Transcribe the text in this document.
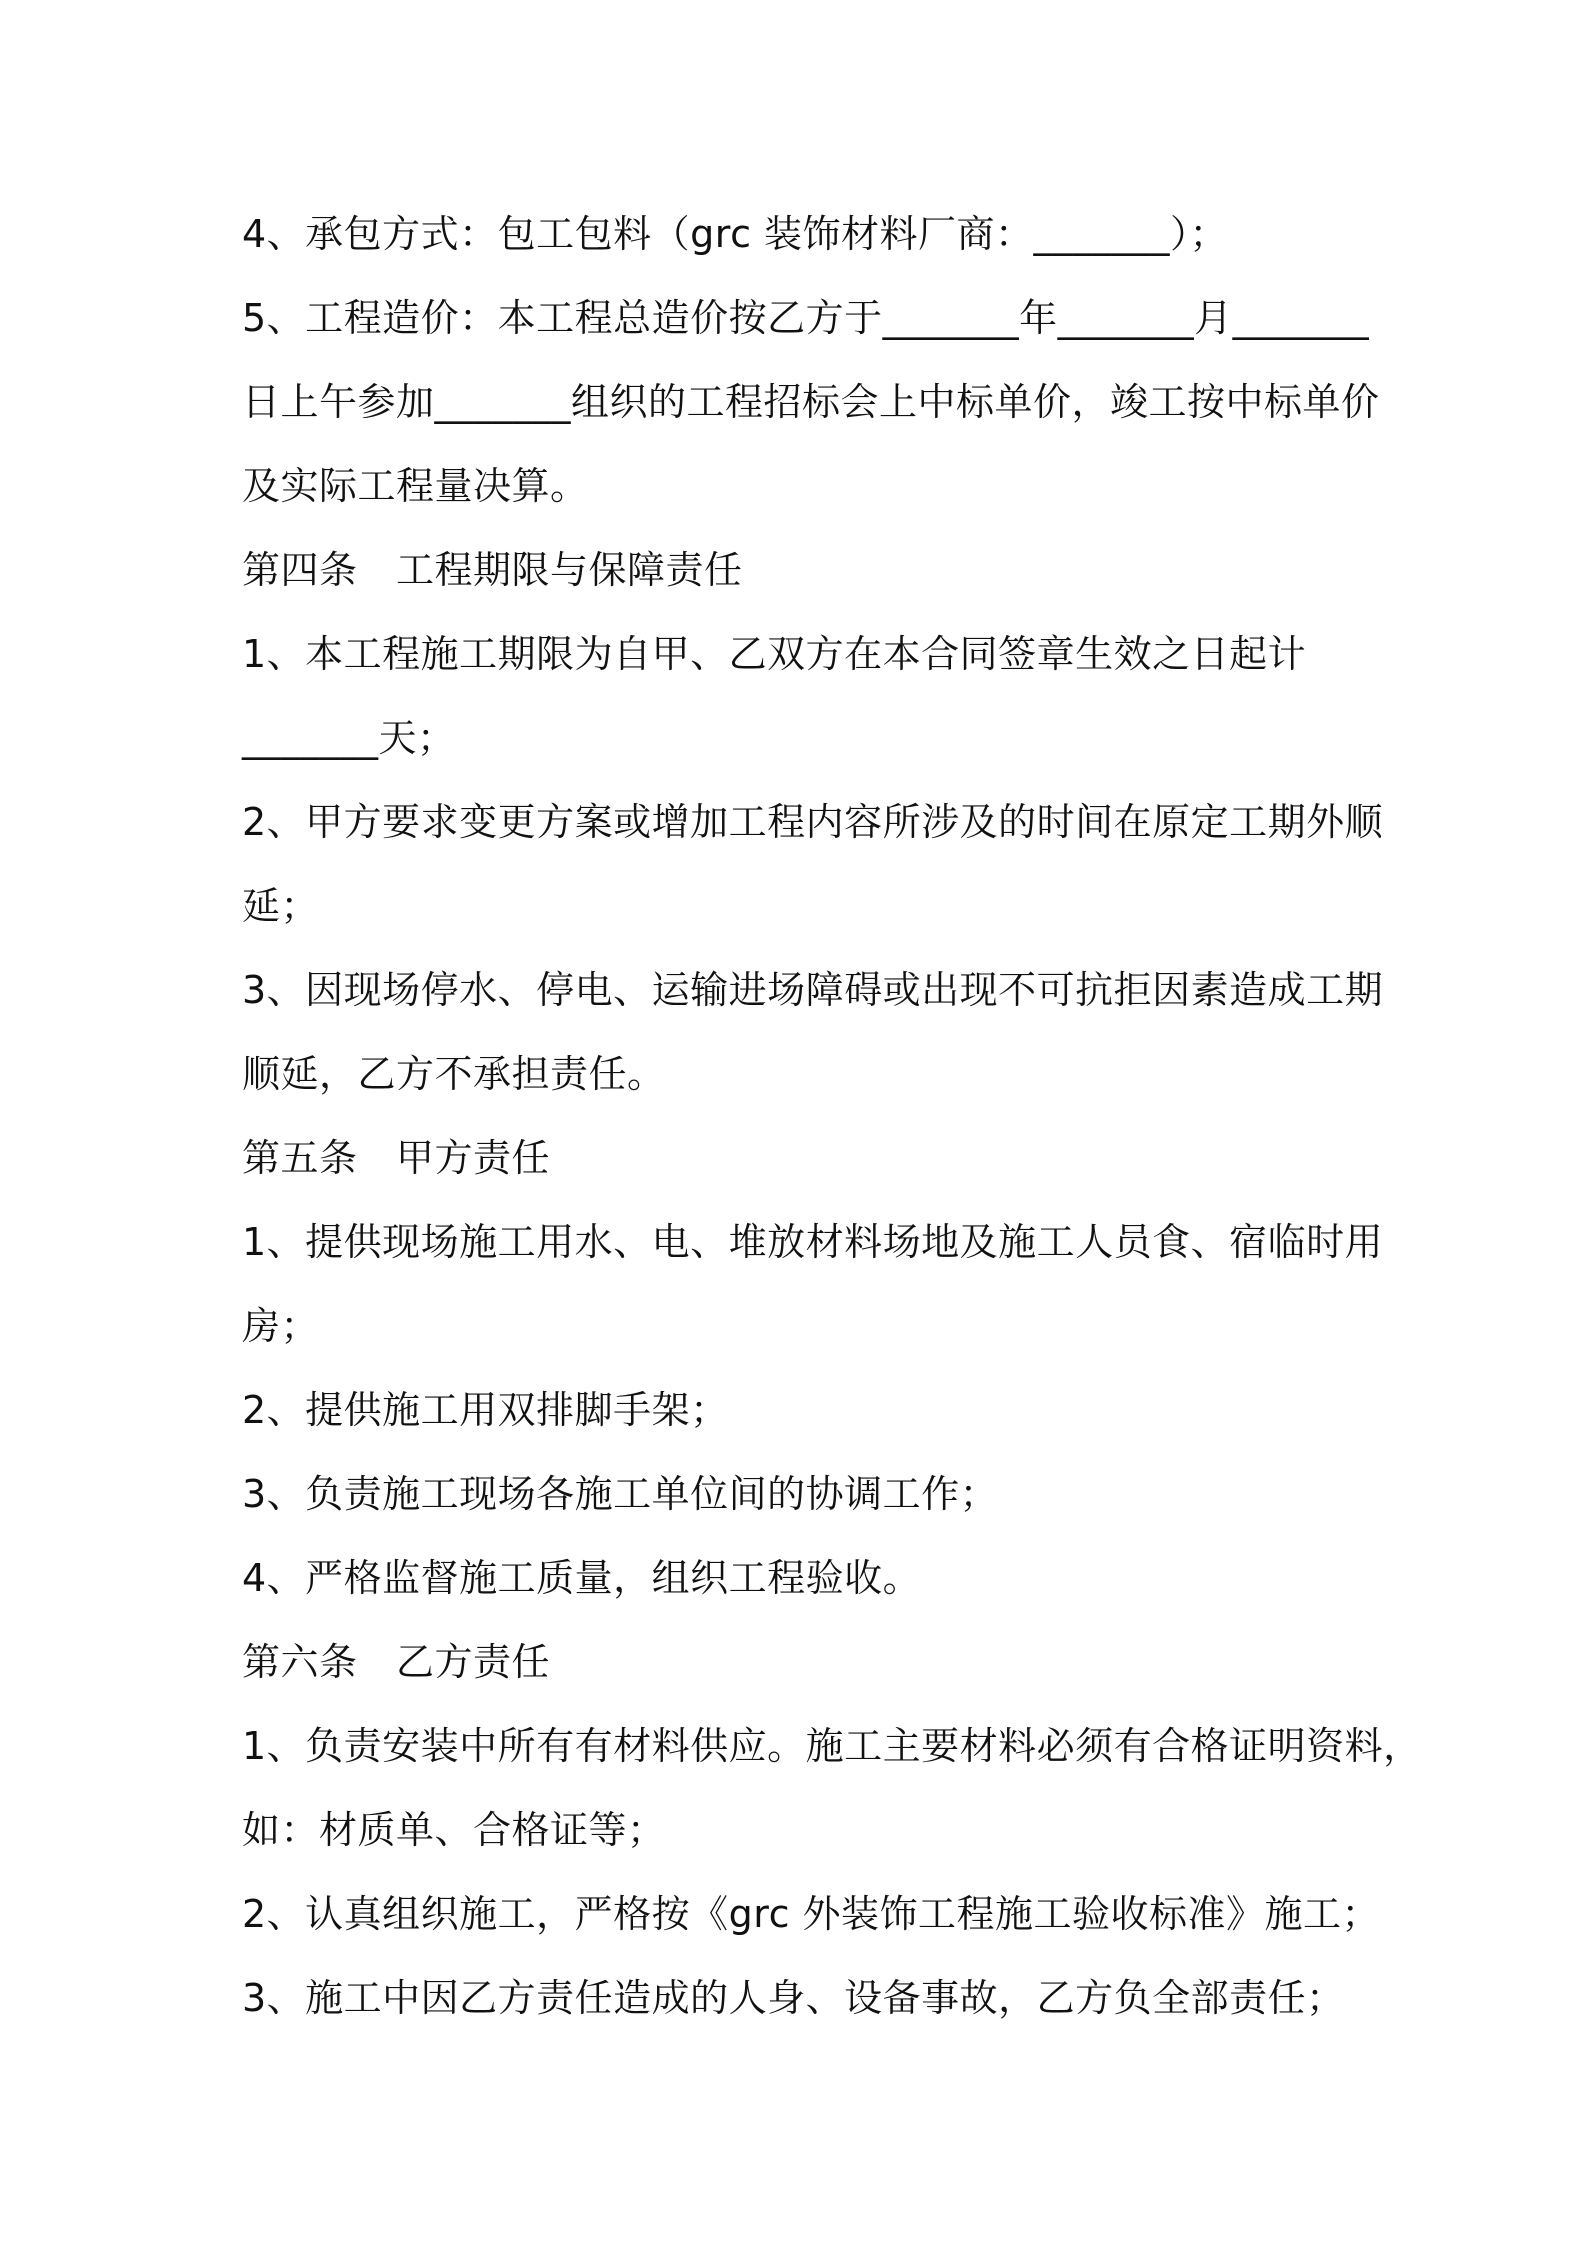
4、承包方式：包工包料（grc 装饰材料厂商：_______）；
5、工程造价：本工程总造价按乙方于_______年_______月_______
日上午参加_______组织的工程招标会上中标单价，竣工按中标单价
及实际工程量决算。
第四条　工程期限与保障责任
1、本工程施工期限为自甲、乙双方在本合同签章生效之日起计
_______天；
2、甲方要求变更方案或增加工程内容所涉及的时间在原定工期外顺
延；
3、因现场停水、停电、运输进场障碍或出现不可抗拒因素造成工期
顺延，乙方不承担责任。
第五条　甲方责任
1、提供现场施工用水、电、堆放材料场地及施工人员食、宿临时用
房；
2、提供施工用双排脚手架；
3、负责施工现场各施工单位间的协调工作；
4、严格监督施工质量，组织工程验收。
第六条　乙方责任
1、负责安装中所有有材料供应。施工主要材料必须有合格证明资料，
如：材质单、合格证等；
2、认真组织施工，严格按《grc 外装饰工程施工验收标准》施工；
3、施工中因乙方责任造成的人身、设备事故，乙方负全部责任；
